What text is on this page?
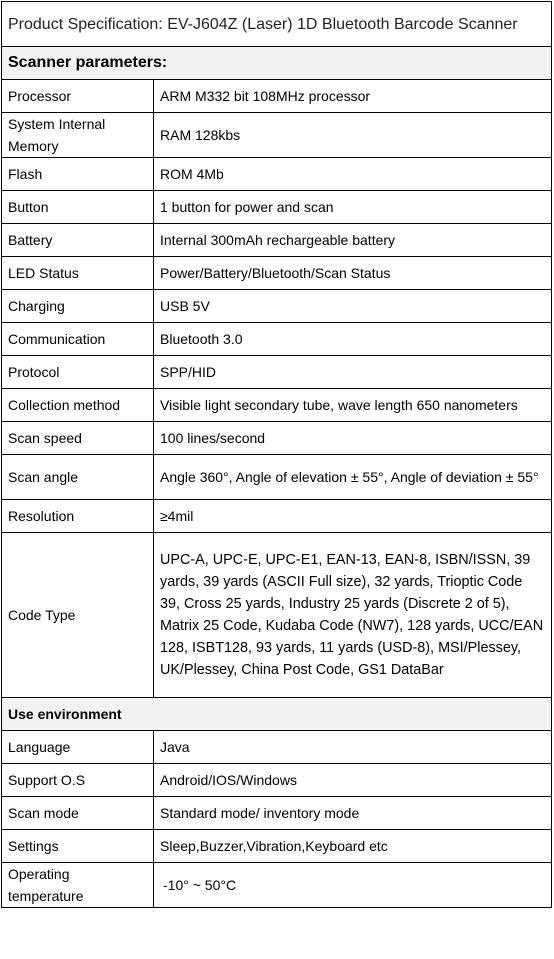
Product Specification: EV-J604Z (Laser) 1D Bluetooth Barcode Scanner	
Scanner parameters:	
Processor	ARM M332 bit 108MHz processor
System Internal Memory	RAM 128kbs
Flash	ROM 4Mb
Button	1 button for power and scan
Battery	Internal 300mAh rechargeable battery
LED Status	Power/Battery/Bluetooth/Scan Status
Charging	USB 5V
Communication	Bluetooth 3.0
Protocol	SPP/HID
Collection method	Visible light secondary tube, wave length 650 nanometers
Scan speed	100 lines/second
Scan angle	Angle 360°, Angle of elevation ± 55°, Angle of deviation ± 55°
Resolution	≥4mil
Code Type	UPC-A, UPC-E, UPC-E1, EAN-13, EAN-8, ISBN/ISSN, 39 yards, 39 yards (ASCII Full size), 32 yards, Trioptic Code 39, Cross 25 yards, Industry 25 yards (Discrete 2 of 5), Matrix 25 Code, Kudaba Code (NW7), 128 yards, UCC/EAN 128, ISBT128, 93 yards, 11 yards (USD-8), MSI/Plessey, UK/Plessey, China Post Code, GS1 DataBar
Use environment	
Language	Java
Support O.S	Android/IOS/Windows
Scan mode	Standard mode/ inventory mode
Settings	Sleep,Buzzer,Vibration,Keyboard etc
Operating temperature	-10° ~ 50°C
